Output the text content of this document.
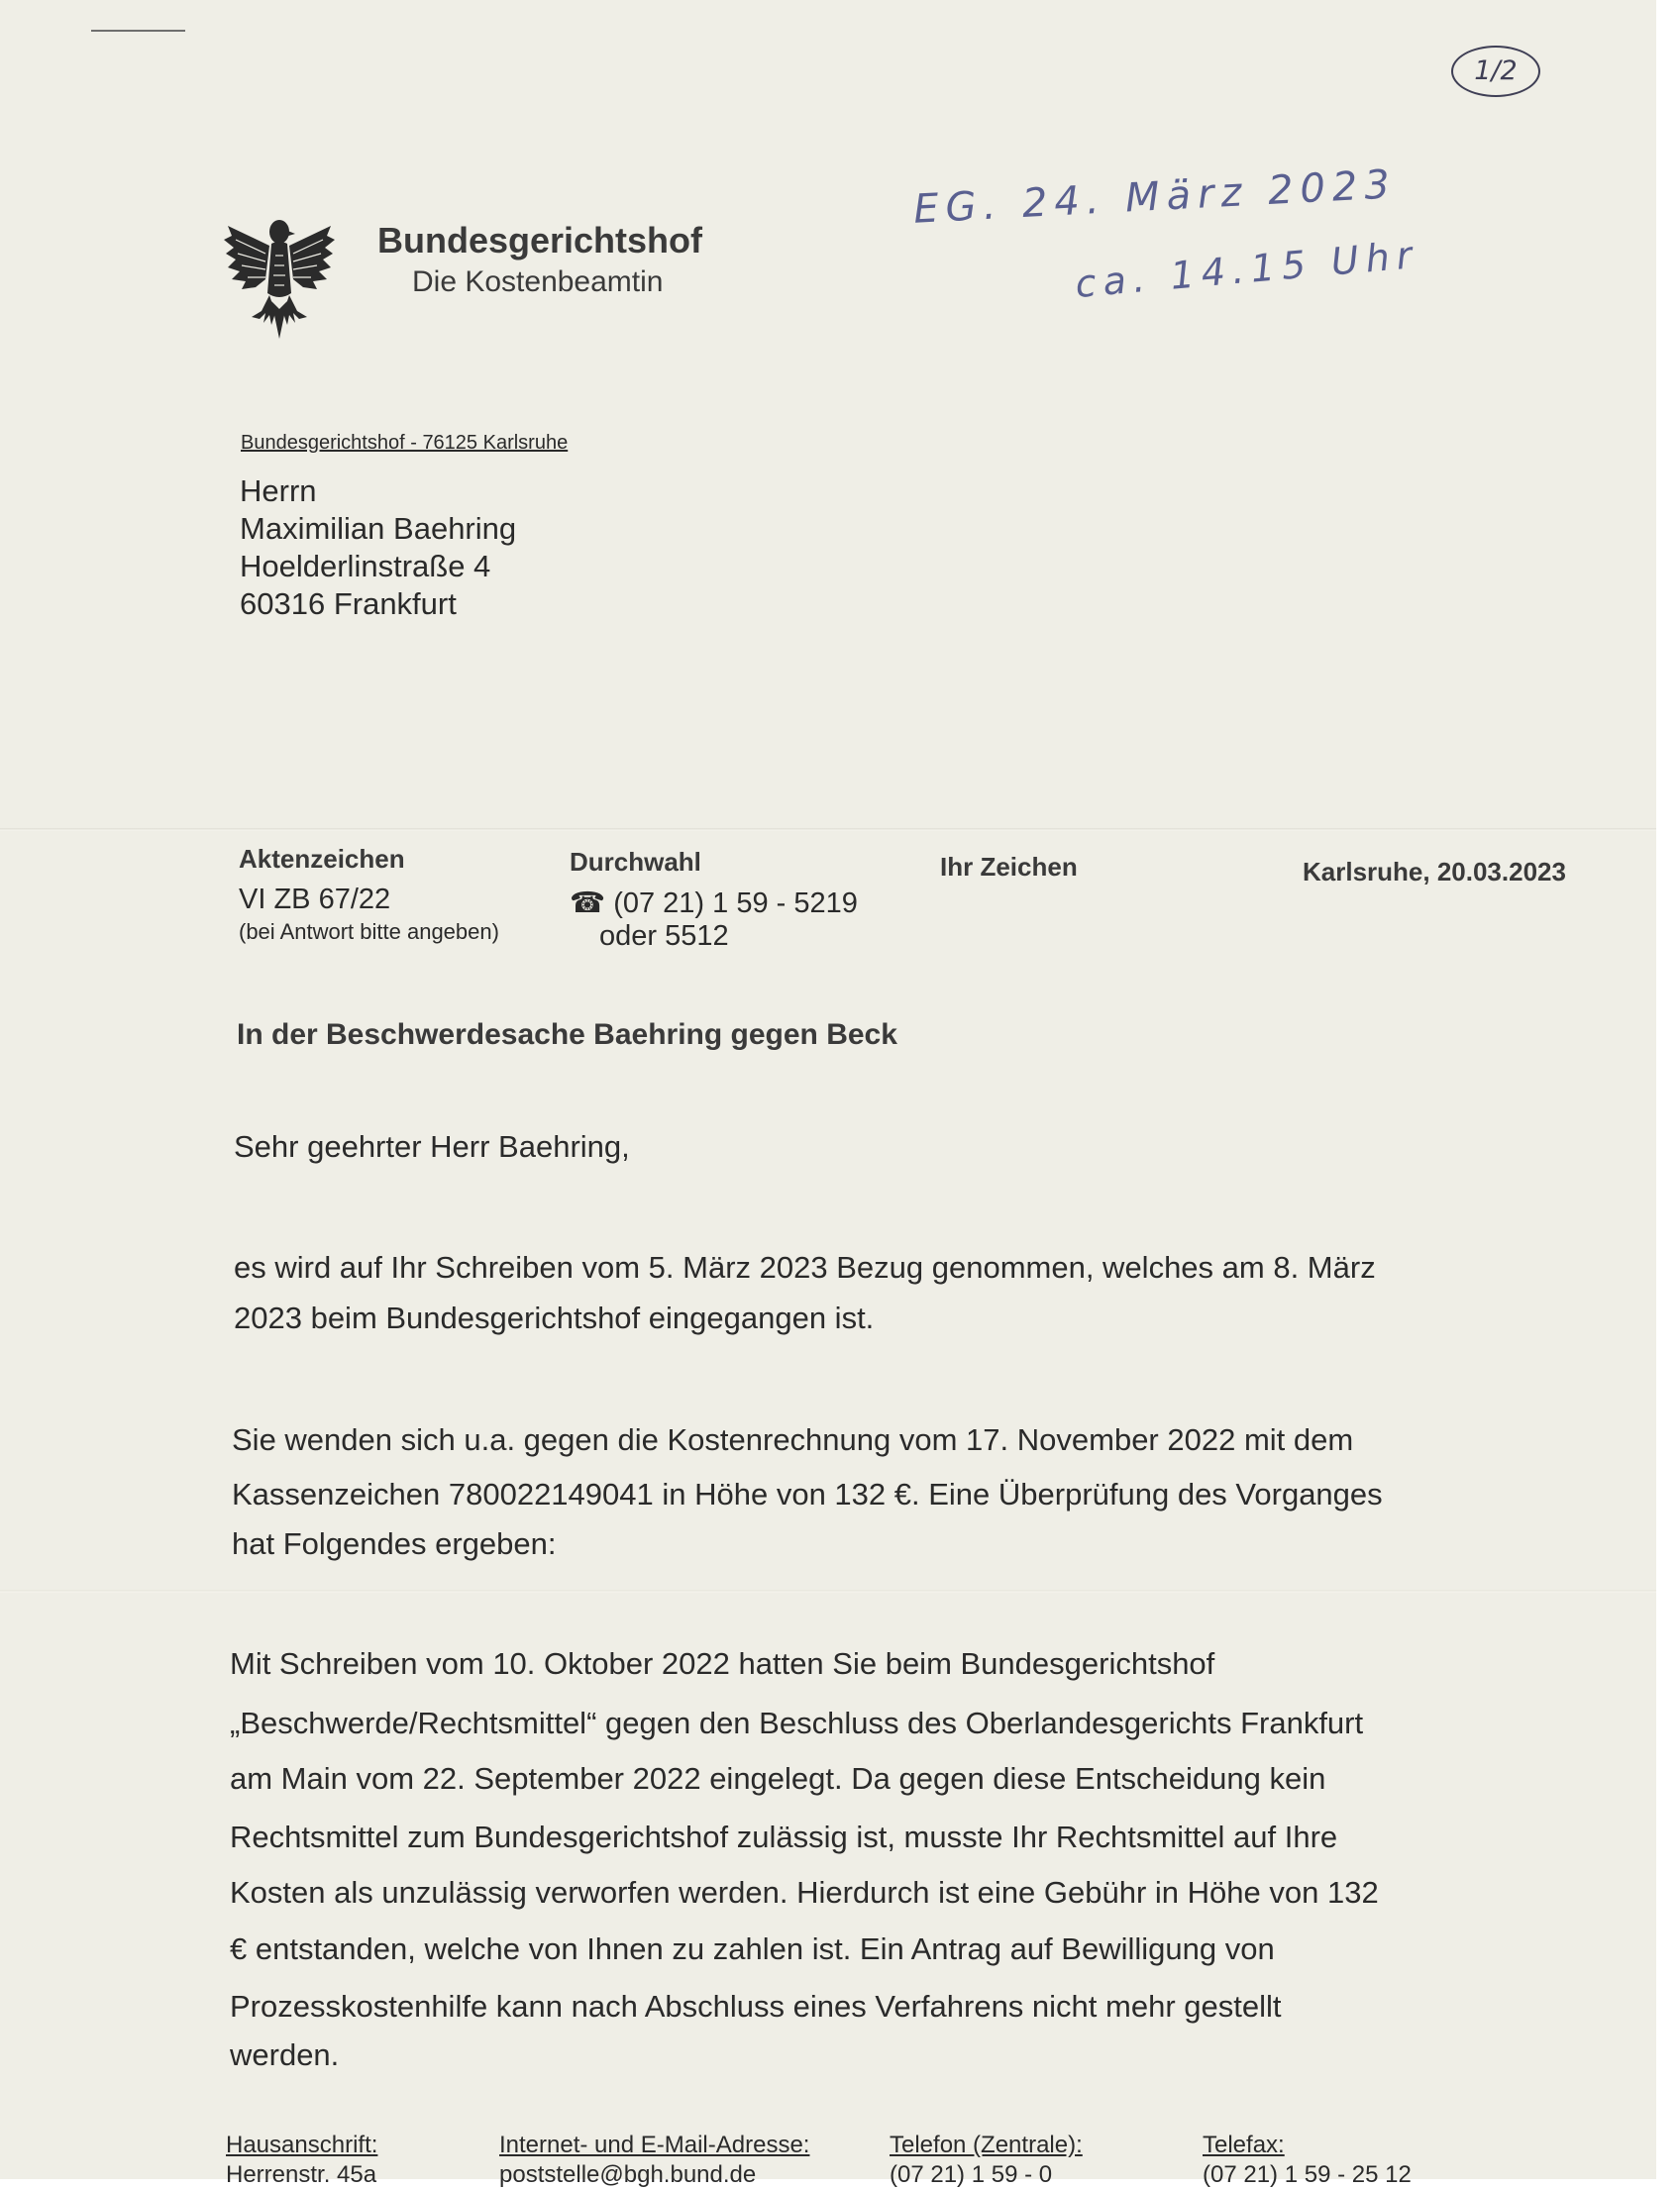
Bundesgerichtshof
Die Kostenbeamtin
EG. 24. März 2023
ca. 14.15 Uhr
1/2
Bundesgerichtshof - 76125 Karlsruhe
Herrn
Maximilian Baehring
Hoelderlinstraße 4
60316 Frankfurt
Aktenzeichen
VI ZB 67/22
(bei Antwort bitte angeben)
Durchwahl
☎ (07 21) 1 59 - 5219
oder 5512
Ihr Zeichen	Karlsruhe, 20.03.2023
In der Beschwerdesache Baehring gegen Beck
Sehr geehrter Herr Baehring,
es wird auf Ihr Schreiben vom 5. März 2023 Bezug genommen, welches am 8. März
2023 beim Bundesgerichtshof eingegangen ist.
Sie wenden sich u.a. gegen die Kostenrechnung vom 17. November 2022 mit dem
Kassenzeichen 780022149041 in Höhe von 132 €. Eine Überprüfung des Vorganges
hat Folgendes ergeben:
Mit Schreiben vom 10. Oktober 2022 hatten Sie beim Bundesgerichtshof
„Beschwerde/Rechtsmittel“ gegen den Beschluss des Oberlandesgerichts Frankfurt
am Main vom 22. September 2022 eingelegt. Da gegen diese Entscheidung kein
Rechtsmittel zum Bundesgerichtshof zulässig ist, musste Ihr Rechtsmittel auf Ihre
Kosten als unzulässig verworfen werden. Hierdurch ist eine Gebühr in Höhe von 132
€ entstanden, welche von Ihnen zu zahlen ist. Ein Antrag auf Bewilligung von
Prozesskostenhilfe kann nach Abschluss eines Verfahrens nicht mehr gestellt
werden.
Hausanschrift:
Herrenstr. 45a
Internet- und E-Mail-Adresse:
poststelle@bgh.bund.de
Telefon (Zentrale):
(07 21) 1 59 - 0
Telefax:
(07 21) 1 59 - 25 12
